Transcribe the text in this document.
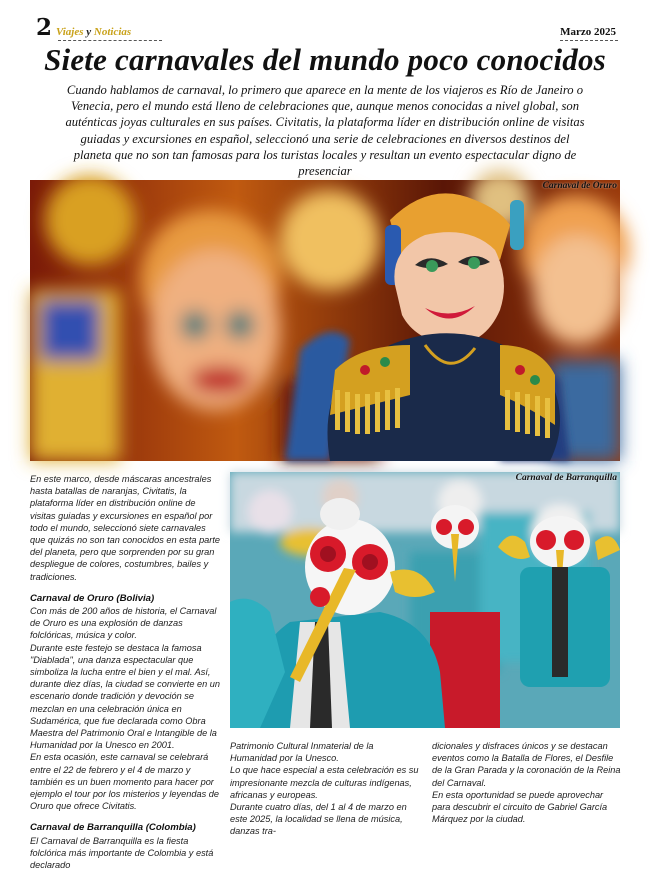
2 Viajes y Noticias	Marzo 2025
Siete carnavales del mundo poco conocidos

Cuando hablamos de carnaval, lo primero que aparece en la mente de los viajeros es Río de Janeiro o Venecia, pero el mundo está lleno de celebraciones que, aunque menos conocidas a nivel global, son auténticas joyas culturales en sus países. Civitatis, la plataforma líder en distribución online de visitas guiadas y excursiones en español, seleccionó una serie de celebraciones en diversos destinos del planeta que no son tan famosas para los turistas locales y resultan un evento espectacular digno de presenciar

Carnaval de Oruro
Carnaval de Barranquilla

En este marco, desde máscaras ancestrales hasta batallas de naranjas, Civitatis, la plataforma líder en distribución online de visitas guiadas y excursiones en español por todo el mundo, seleccionó siete carnavales que quizás no son tan conocidos en esta parte del planeta, pero que sorprenden por su gran despliegue de colores, costumbres, bailes y tradiciones.

Carnaval de Oruro (Bolivia)

Con más de 200 años de historia, el Carnaval de Oruro es una explosión de danzas folclóricas, música y color.

Durante este festejo se destaca la famosa "Diablada", una danza espectacular que simboliza la lucha entre el bien y el mal. Así, durante diez días, la ciudad se convierte en un escenario donde tradición y devoción se mezclan en una celebración única en Sudamérica, que fue declarada como Obra Maestra del Patrimonio Oral e Intangible de la Humanidad por la Unesco en 2001.

En esta ocasión, este carnaval se celebrará entre el 22 de febrero y el 4 de marzo y también es un buen momento para hacer por ejemplo el tour por los misterios y leyendas de Oruro que ofrece Civitatis.

Carnaval de Barranquilla (Colombia)

El Carnaval de Barranquilla es la fiesta folclórica más importante de Colombia y está declarado

Patrimonio Cultural Inmaterial de la Humanidad por la Unesco.

Lo que hace especial a esta celebración es su impresionante mezcla de culturas indígenas, africanas y europeas.

Durante cuatro días, del 1 al 4 de marzo en este 2025, la localidad se llena de música, danzas tra-

dicionales y disfraces únicos y se destacan eventos como la Batalla de Flores, el Desfile de la Gran Parada y la coronación de la Reina del Carnaval.

En esta oportunidad se puede aprovechar para descubrir el circuito de Gabriel García Márquez por la ciudad.
